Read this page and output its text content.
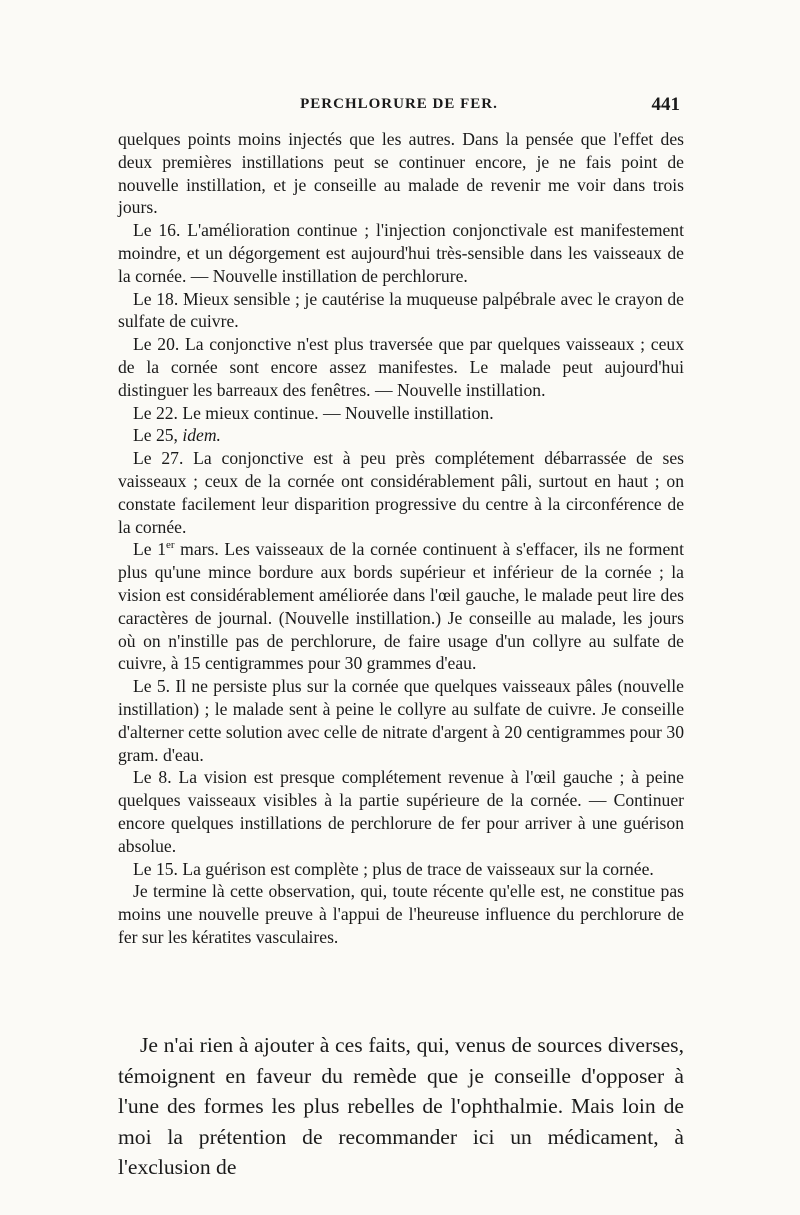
PERCHLORURE DE FER.	441

quelques points moins injectés que les autres. Dans la pensée que l'effet des deux premières instillations peut se continuer encore, je ne fais point de nouvelle instillation, et je conseille au malade de revenir me voir dans trois jours.

Le 16. L'amélioration continue ; l'injection conjonctivale est manifestement moindre, et un dégorgement est aujourd'hui très-sensible dans les vaisseaux de la cornée. — Nouvelle instillation de perchlorure.

Le 18. Mieux sensible ; je cautérise la muqueuse palpébrale avec le crayon de sulfate de cuivre.

Le 20. La conjonctive n'est plus traversée que par quelques vaisseaux ; ceux de la cornée sont encore assez manifestes. Le malade peut aujourd'hui distinguer les barreaux des fenêtres. — Nouvelle instillation.

Le 22. Le mieux continue. — Nouvelle instillation.

Le 25, idem.

Le 27. La conjonctive est à peu près complétement débarrassée de ses vaisseaux ; ceux de la cornée ont considérablement pâli, surtout en haut ; on constate facilement leur disparition progressive du centre à la circonférence de la cornée.

Le 1er mars. Les vaisseaux de la cornée continuent à s'effacer, ils ne forment plus qu'une mince bordure aux bords supérieur et inférieur de la cornée ; la vision est considérablement améliorée dans l'œil gauche, le malade peut lire des caractères de journal. (Nouvelle instillation.) Je conseille au malade, les jours où on n'instille pas de perchlorure, de faire usage d'un collyre au sulfate de cuivre, à 15 centigrammes pour 30 grammes d'eau.

Le 5. Il ne persiste plus sur la cornée que quelques vaisseaux pâles (nouvelle instillation) ; le malade sent à peine le collyre au sulfate de cuivre. Je conseille d'alterner cette solution avec celle de nitrate d'argent à 20 centigrammes pour 30 gram. d'eau.

Le 8. La vision est presque complétement revenue à l'œil gauche ; à peine quelques vaisseaux visibles à la partie supérieure de la cornée. — Continuer encore quelques instillations de perchlorure de fer pour arriver à une guérison absolue.

Le 15. La guérison est complète ; plus de trace de vaisseaux sur la cornée.

Je termine là cette observation, qui, toute récente qu'elle est, ne constitue pas moins une nouvelle preuve à l'appui de l'heureuse influence du perchlorure de fer sur les kératites vasculaires.

Je n'ai rien à ajouter à ces faits, qui, venus de sources diverses, témoignent en faveur du remède que je conseille d'opposer à l'une des formes les plus rebelles de l'ophthalmie. Mais loin de moi la prétention de recommander ici un médicament, à l'exclusion de
